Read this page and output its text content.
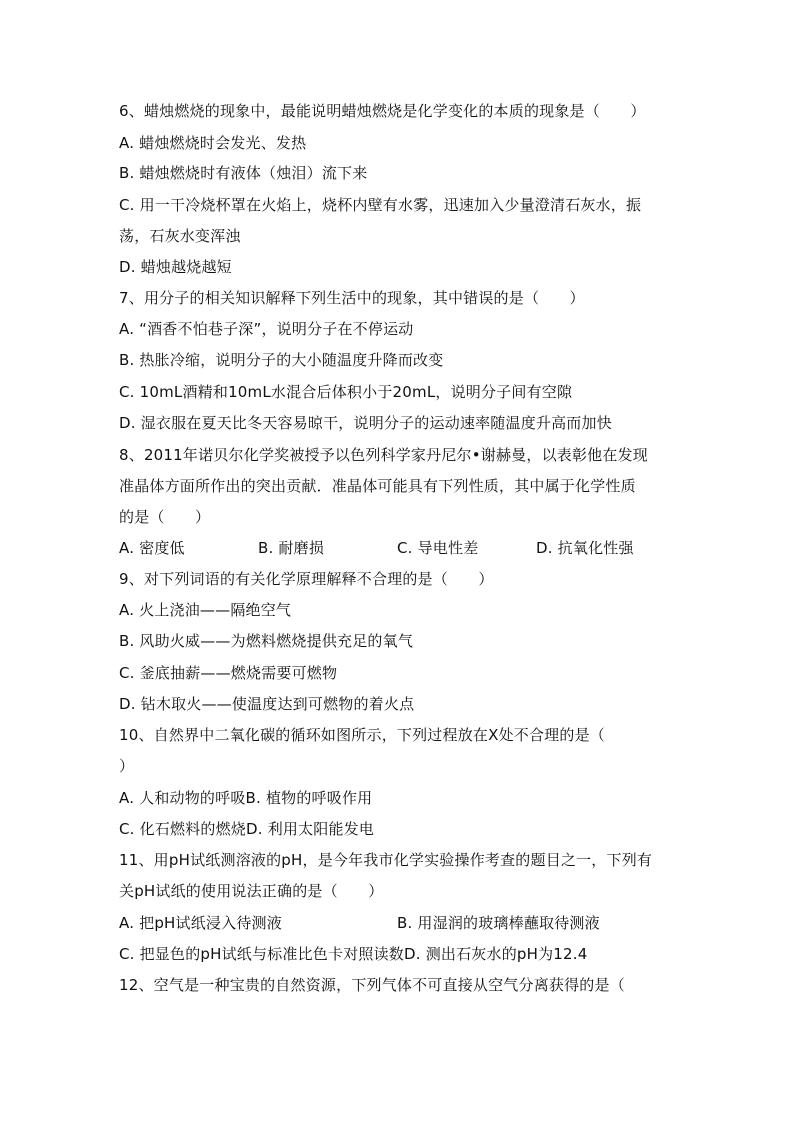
6、蜡烛燃烧的现象中，最能说明蜡烛燃烧是化学变化的本质的现象是（　　）
A. 蜡烛燃烧时会发光、发热
B. 蜡烛燃烧时有液体（烛泪）流下来
C. 用一干冷烧杯罩在火焰上，烧杯内壁有水雾，迅速加入少量澄清石灰水，振
荡，石灰水变浑浊
D. 蜡烛越烧越短
7、用分子的相关知识解释下列生活中的现象，其中错误的是（　　）
A. “酒香不怕巷子深”，说明分子在不停运动
B. 热胀冷缩，说明分子的大小随温度升降而改变
C. 10mL酒精和10mL水混合后体积小于20mL，说明分子间有空隙
D. 湿衣服在夏天比冬天容易晾干，说明分子的运动速率随温度升高而加快
8、2011年诺贝尔化学奖被授予以色列科学家丹尼尔•谢赫曼，以表彰他在发现
准晶体方面所作出的突出贡献．准晶体可能具有下列性质，其中属于化学性质
的是（　　）
A. 密度低	B. 耐磨损	C. 导电性差	D. 抗氧化性强
9、对下列词语的有关化学原理解释不合理的是（　　）
A. 火上浇油——隔绝空气
B. 风助火威——为燃料燃烧提供充足的氧气
C. 釜底抽薪——燃烧需要可燃物
D. 钻木取火——使温度达到可燃物的着火点
10、自然界中二氧化碳的循环如图所示，下列过程放在X处不合理的是（
）
A. 人和动物的呼吸B. 植物的呼吸作用
C. 化石燃料的燃烧D. 利用太阳能发电
11、用pH试纸测溶液的pH，是今年我市化学实验操作考查的题目之一，下列有
关pH试纸的使用说法正确的是（　　）
A. 把pH试纸浸入待测液	B. 用湿润的玻璃棒蘸取待测液
C. 把显色的pH试纸与标准比色卡对照读数D. 测出石灰水的pH为12.4
12、空气是一种宝贵的自然资源，下列气体不可直接从空气分离获得的是（
